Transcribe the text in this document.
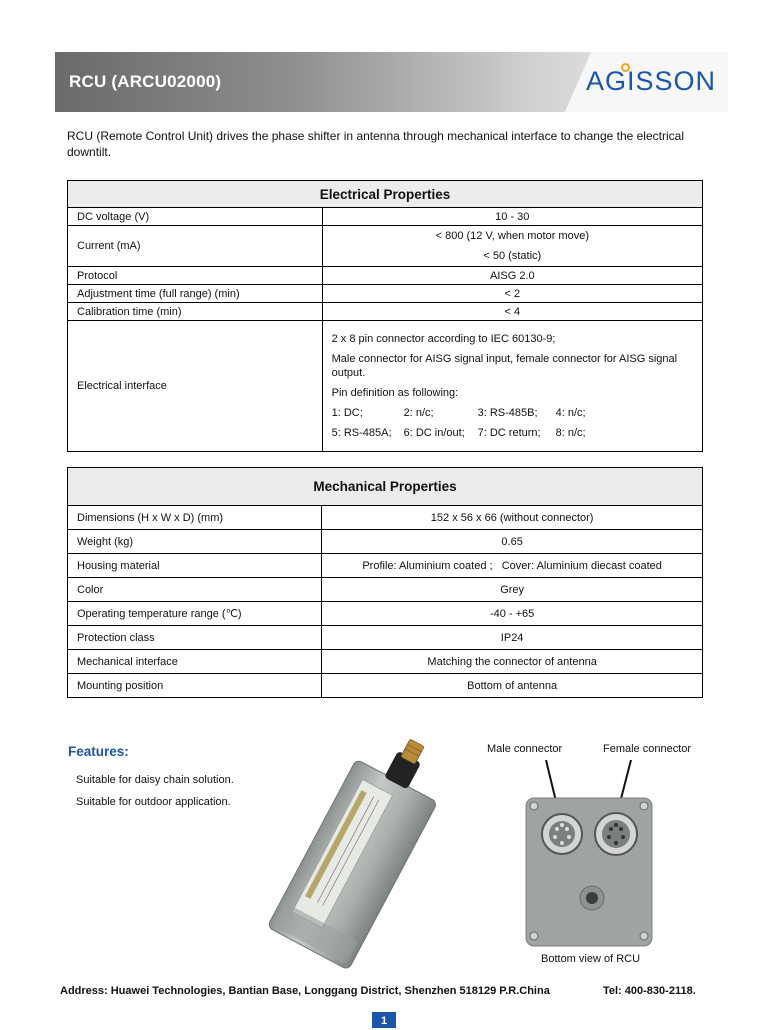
RCU (ARCU02000)	AGISSON
RCU (Remote Control Unit) drives the phase shifter in antenna through mechanical interface to change the electrical downtilt.
Electrical Properties	
DC voltage (V)	10 - 30
Current (mA)	< 800 (12 V, when motor move)
< 50 (static)

Protocol	AISG 2.0
Adjustment time (full range) (min)	< 2
Calibration time (min)	< 4
Electrical interface	2 x 8 pin connector according to IEC 60130-9;

Male connector for AISG signal input, female connector for AISG signal output.

Pin definition as following:

1: DC; 2: n/c; 3: RS-485B; 4: n/c;

5: RS-485A; 6: DC in/out; 7: DC return; 8: n/c;

Mechanical Properties	
Dimensions (H x W x D) (mm)	152 x 56 x 66 (without connector)
Weight (kg)	0.65
Housing material	Profile: Aluminium coated ;   Cover: Aluminium diecast coated
Color	Grey
Operating temperature range (℃)	-40 - +65
Protection class	IP24
Mechanical interface	Matching the connector of antenna
Mounting position	Bottom of antenna
Features:
Suitable for daisy chain solution.
Suitable for outdoor application.
Male connector	Female connector
Bottom view of RCU
Address: Huawei Technologies, Bantian Base, Longgang District, Shenzhen 518129 P.R.China	Tel: 400-830-2118.
1
